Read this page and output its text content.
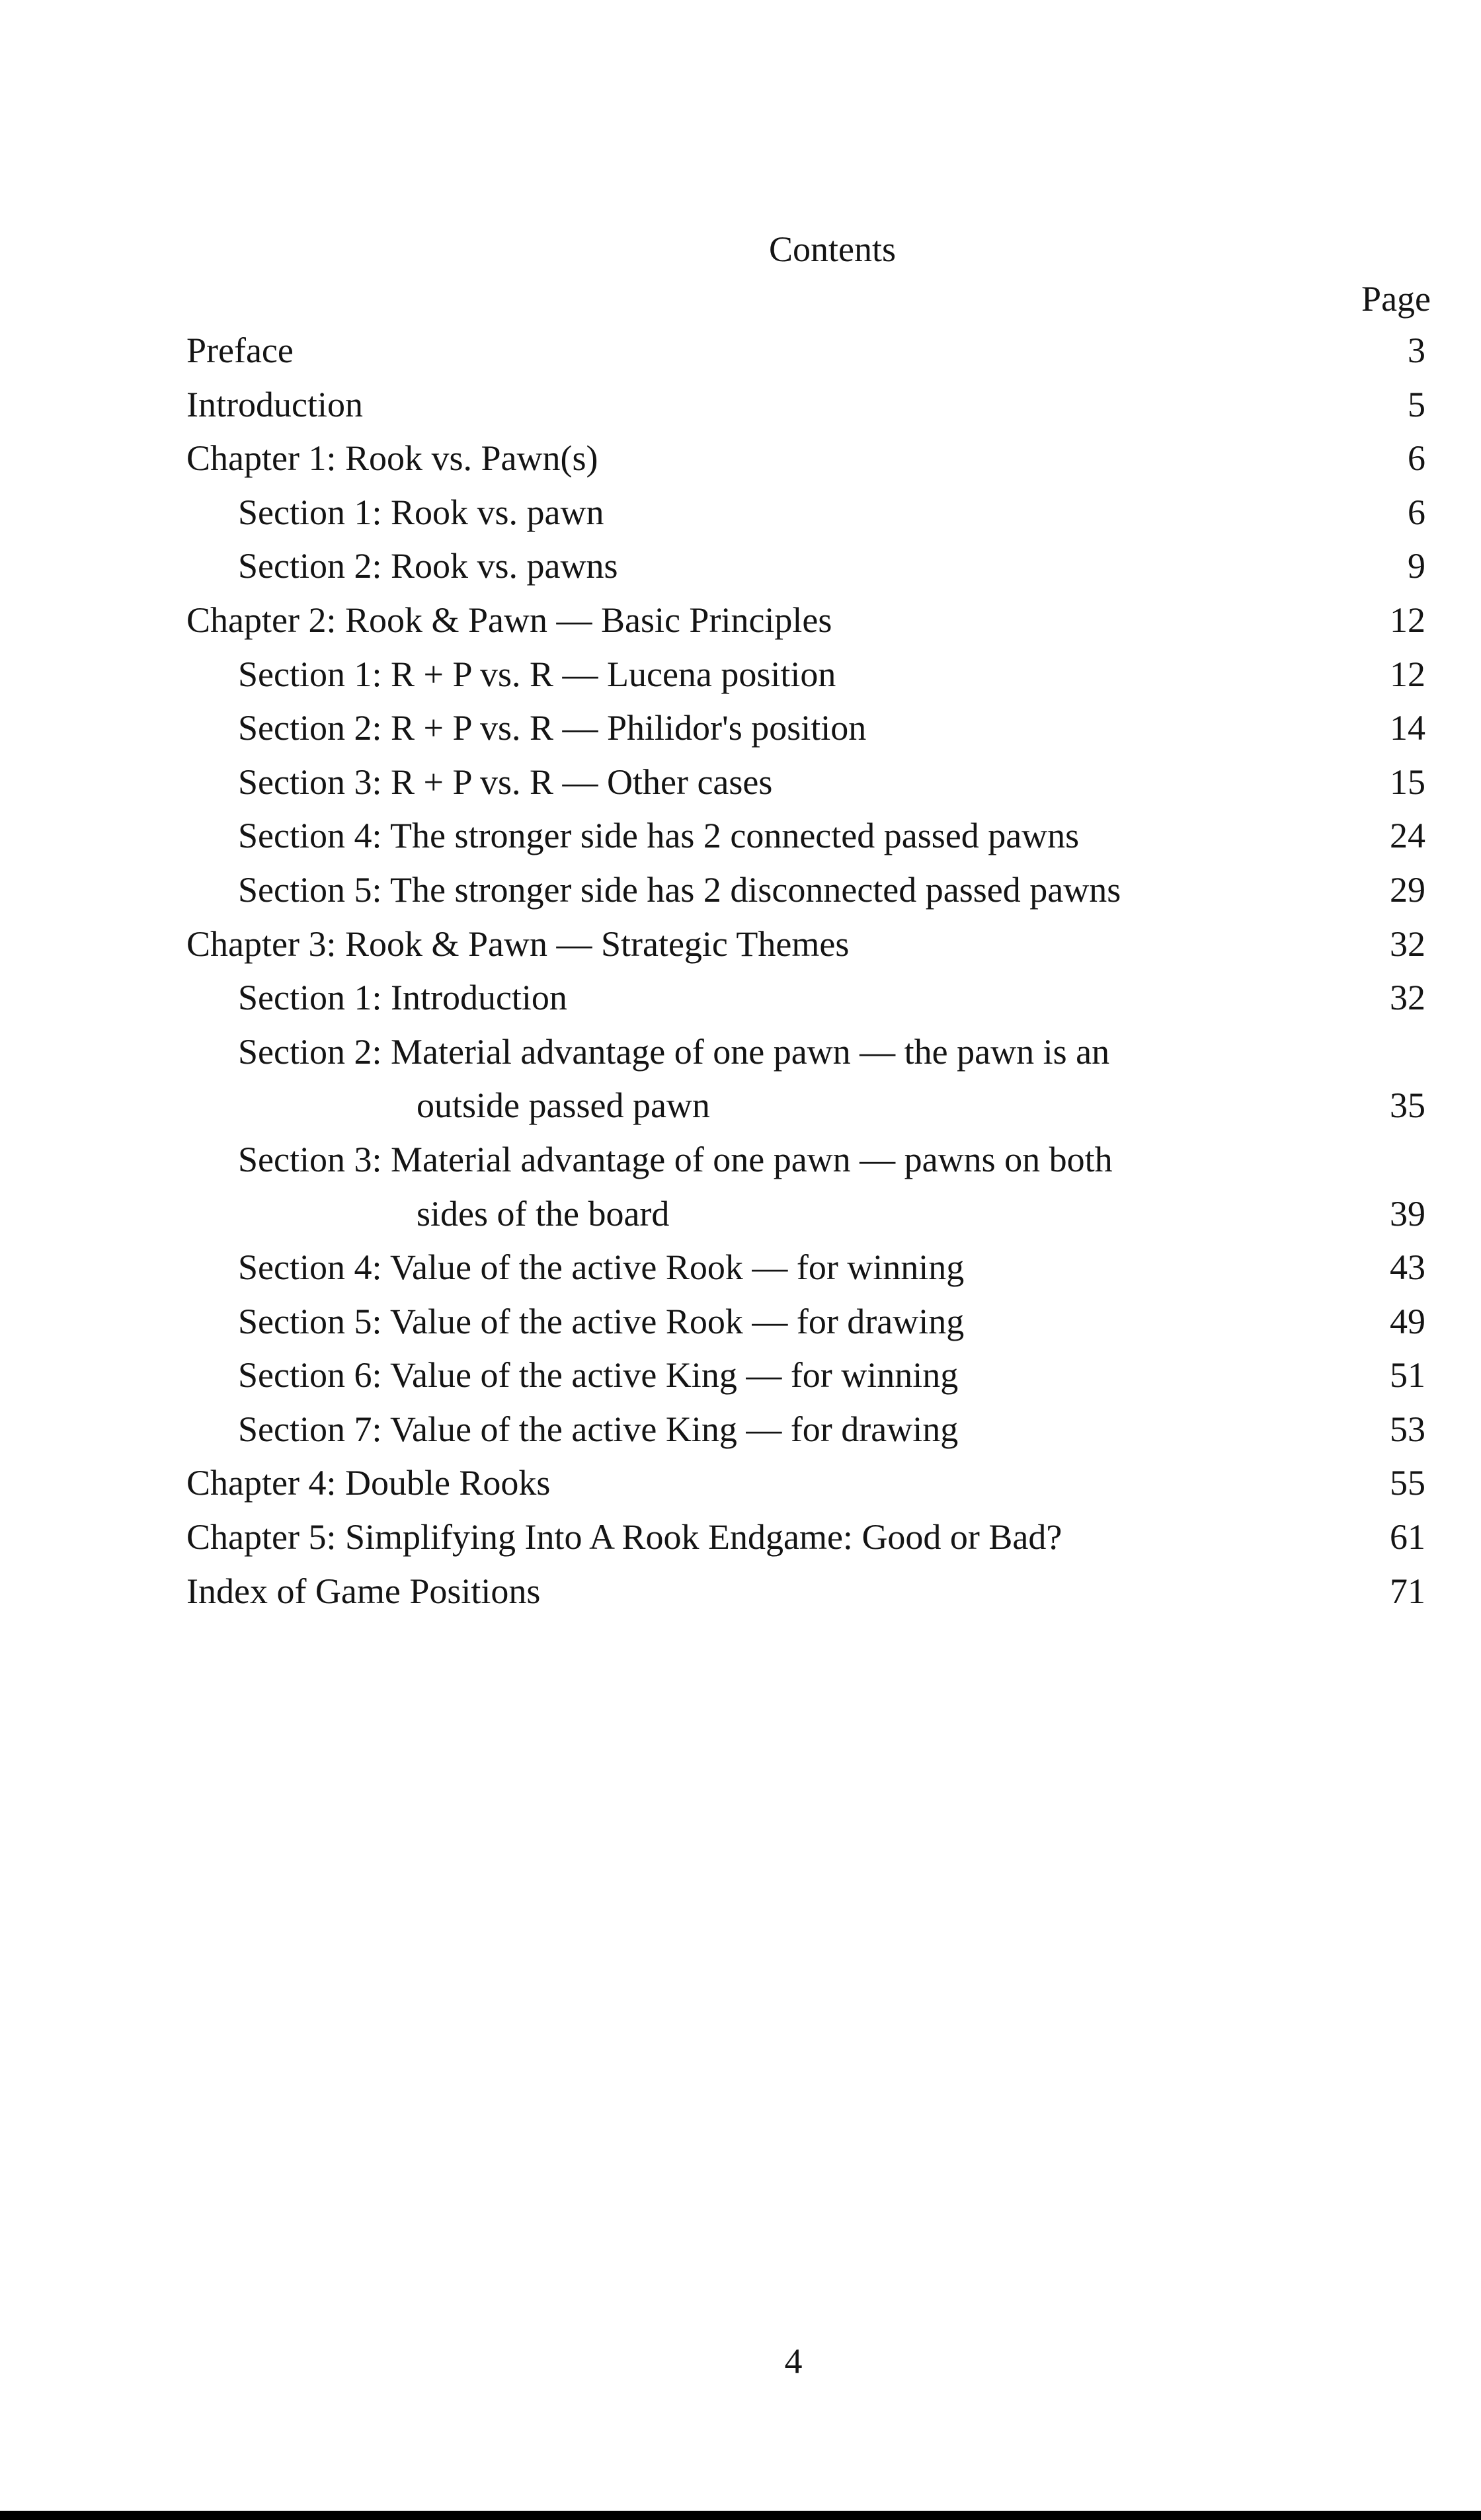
Contents
Page
Preface	3
Introduction	5
Chapter 1: Rook vs. Pawn(s)	6
Section 1: Rook vs. pawn	6
Section 2: Rook vs. pawns	9
Chapter 2: Rook & Pawn — Basic Principles	12
Section 1: R + P vs. R — Lucena position	12
Section 2: R + P vs. R — Philidor's position	14
Section 3: R + P vs. R — Other cases	15
Section 4: The stronger side has 2 connected passed pawns	24
Section 5: The stronger side has 2 disconnected passed pawns	29
Chapter 3: Rook & Pawn — Strategic Themes	32
Section 1: Introduction	32
Section 2: Material advantage of one pawn — the pawn is an
outside passed pawn	35
Section 3: Material advantage of one pawn — pawns on both
sides of the board	39
Section 4: Value of the active Rook — for winning	43
Section 5: Value of the active Rook — for drawing	49
Section 6: Value of the active King — for winning	51
Section 7: Value of the active King — for drawing	53
Chapter 4: Double Rooks	55
Chapter 5: Simplifying Into A Rook Endgame: Good or Bad?	61
Index of Game Positions	71
4
